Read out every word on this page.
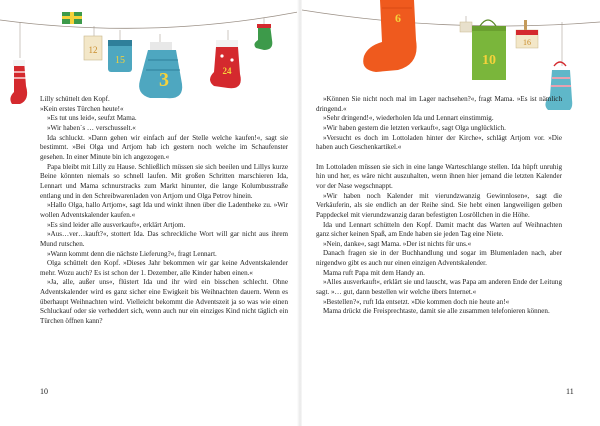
12
15
3	24

Lilly schüttelt den Kopf.

»Kein erstes Türchen heute!«

»Es tut uns leid«, seufzt Mama.

»Wir haben`s … verschusselt.«

Ida schluckt. »Dann gehen wir einfach auf der Stelle welche kaufen!«, sagt sie bestimmt. »Bei Olga und Artjom hab ich gestern noch welche im Schaufenster gesehen. In einer Minute bin ich angezogen.«

Papa bleibt mit Lilly zu Hause. Schließlich müssen sie sich beeilen und Lillys kurze Beine könnten niemals so schnell laufen. Mit großen Schritten marschieren Ida, Lennart und Mama schnurstracks zum Markt hinunter, die lange Kolumbusstraße entlang und in den Schreibwarenladen von Artjom und Olga Petrov hinein.

»Hallo Olga, hallo Artjom«, sagt Ida und winkt ihnen über die Ladentheke zu. »Wir wollen Adventskalender kaufen.«

»Es sind leider alle ausverkauft«, erklärt Artjom.

»Aus…ver…kauft?«, stottert Ida. Das schreckliche Wort will gar nicht aus ihrem Mund rutschen.

»Wann kommt denn die nächste Lieferung?«, fragt Lennart.

Olga schüttelt den Kopf. »Dieses Jahr bekommen wir gar keine Adventskalender mehr. Wozu auch? Es ist schon der 1. Dezember, alle Kinder haben einen.«

»Ja, alle, außer uns«, flüstert Ida und ihr wird ein bisschen schlecht. Ohne Adventskalender wird es ganz sicher eine Ewigkeit bis Weihnachten dauern. Wenn es überhaupt Weihnachten wird. Vielleicht bekommt die Adventszeit ja so was wie einen Schluckauf oder sie verheddert sich, wenn auch nur ein einziges Kind nicht täglich ein Türchen öffnen kann?

10
6
10
16

»Können Sie nicht noch mal im Lager nachsehen?«, fragt Mama. »Es ist nämlich dringend.«

»Sehr dringend!«, wiederholen Ida und Lennart einstimmig.

»Wir haben gestern die letzten verkauft«, sagt Olga unglücklich.

»Versucht es doch im Lottoladen hinter der Kirche«, schlägt Artjom vor. »Die haben auch Geschenkartikel.«

Im Lottoladen müssen sie sich in eine lange Warteschlange stellen. Ida hüpft unruhig hin und her, es wäre nicht auszuhalten, wenn ihnen hier jemand die letzten Kalender vor der Nase wegschnappt.

»Wir haben noch Kalender mit vierundzwanzig Gewinnlosen«, sagt die Verkäuferin, als sie endlich an der Reihe sind. Sie hebt einen langweiligen gelben Pappdeckel mit vierundzwanzig daran befestigten Losröllchen in die Höhe.

Ida und Lennart schütteln den Kopf. Damit macht das Warten auf Weihnachten ganz sicher keinen Spaß, am Ende haben sie jeden Tag eine Niete.

»Nein, danke«, sagt Mama. »Der ist nichts für uns.«

Danach fragen sie in der Buchhandlung und sogar im Blumenladen nach, aber nirgendwo gibt es auch nur einen einzigen Adventskalender.

Mama ruft Papa mit dem Handy an.

»Alles ausverkauft«, erklärt sie und lauscht, was Papa am anderen Ende der Leitung sagt. »… gut, dann bestellen wir welche übers Internet.«

»Bestellen?«, ruft Ida entsetzt. »Die kommen doch nie heute an!«

Mama drückt die Freisprechtaste, damit sie alle zusammen telefonieren können.

11
